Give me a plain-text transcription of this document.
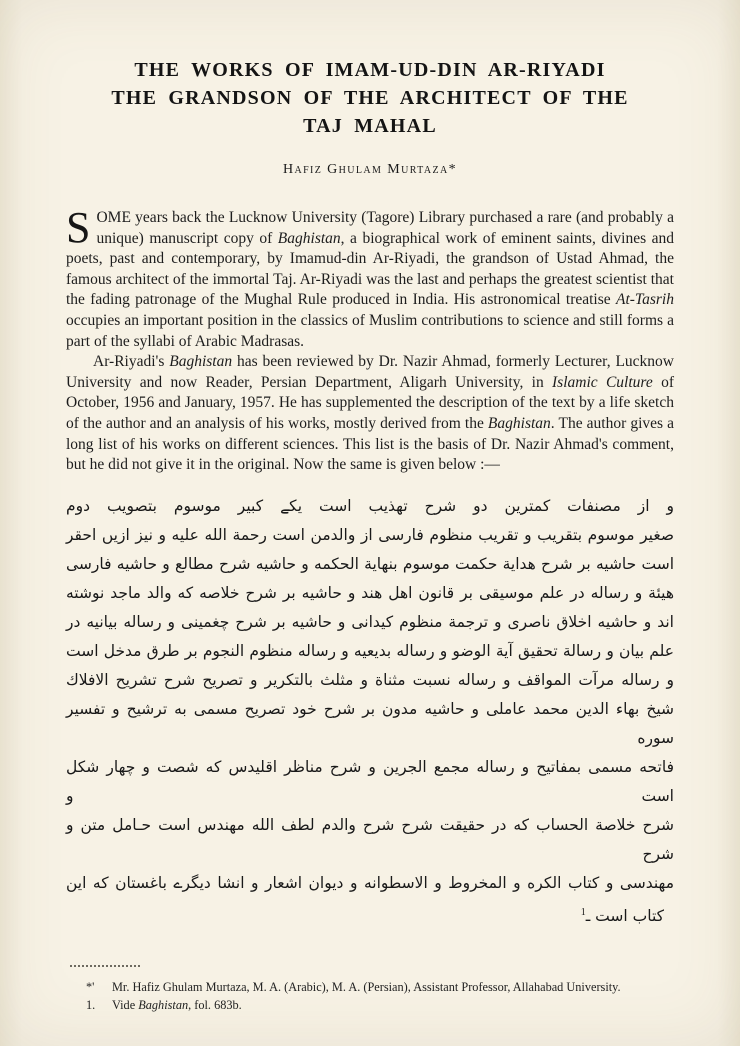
THE WORKS OF IMAM-UD-DIN AR-RIYADI
THE GRANDSON OF THE ARCHITECT OF THE
TAJ MAHAL
Hafiz Ghulam Murtaza*

SOME years back the Lucknow University (Tagore) Library purchased a rare (and probably a unique) manuscript copy of Baghistan, a biographical work of eminent saints, divines and poets, past and contemporary, by Imamud-din Ar-Riyadi, the grandson of Ustad Ahmad, the famous architect of the immortal Taj. Ar-Riyadi was the last and perhaps the greatest scientist that the fading patronage of the Mughal Rule produced in India. His astronomical treatise At-Tasrih occupies an important position in the classics of Muslim contributions to science and still forms a part of the syllabi of Arabic Madrasas.

Ar-Riyadi's Baghistan has been reviewed by Dr. Nazir Ahmad, formerly Lecturer, Lucknow University and now Reader, Persian Department, Aligarh University, in Islamic Culture of October, 1956 and January, 1957. He has supplemented the description of the text by a life sketch of the author and an analysis of his works, mostly derived from the Baghistan. The author gives a long list of his works on different sciences. This list is the basis of Dr. Nazir Ahmad's comment, but he did not give it in the original. Now the same is given below :—

و از مصنفات كمترين دو شرح تهذيب است يكے كبير موسوم بتصويب دوم
صغير موسوم بتقريب و تقريب منظوم فارسى از والدمن است رحمة الله عليه و نيز ازيں احقر
است حاشيه بر شرح هداية حكمت موسوم بنهاية الحكمه و حاشيه شرح مطالع و حاشيه فارسى
هيئة و رساله در علم موسيقى بر قانون اهل هند و حاشيه بر شرح خلاصه كه والد ماجد نوشته
اند و حاشيه اخلاق ناصرى و ترجمة منظوم كيدانى و حاشيه بر شرح چغمينى و رساله بيانيه در
علم بيان و رسالة تحقيق آية الوضو و رساله بديعيه و رساله منظوم النجوم بر طرق مدخل است
و رساله مرآت المواقف و رساله نسبت مثناة و مثلث بالتكرير و تصريح شرح تشريح الافلاك
شيخ بهاء الدين محمد عاملى و حاشيه مدون بر شرح خود تصريح مسمى به ترشيح و تفسير سوره
فاتحه مسمى بمفاتيح و رساله مجمع الجرين و شرح مناظر اقليدس كه شصت و چهار شكل است و
شرح خلاصة الحساب كه در حقيقت شرح شرح والدم لطف الله مهندس است حـامل متن و شرح
مهندسى و كتاب الكره و المخروط و الاسطوانه و ديوان اشعار و انشا ديگرے باغستان كه اين
كتاب است ـ$^1$
*'	Mr. Hafiz Ghulam Murtaza, M. A. (Arabic), M. A. (Persian), Assistant Professor, Allahabad University.
1.	Vide Baghistan, fol. 683b.
